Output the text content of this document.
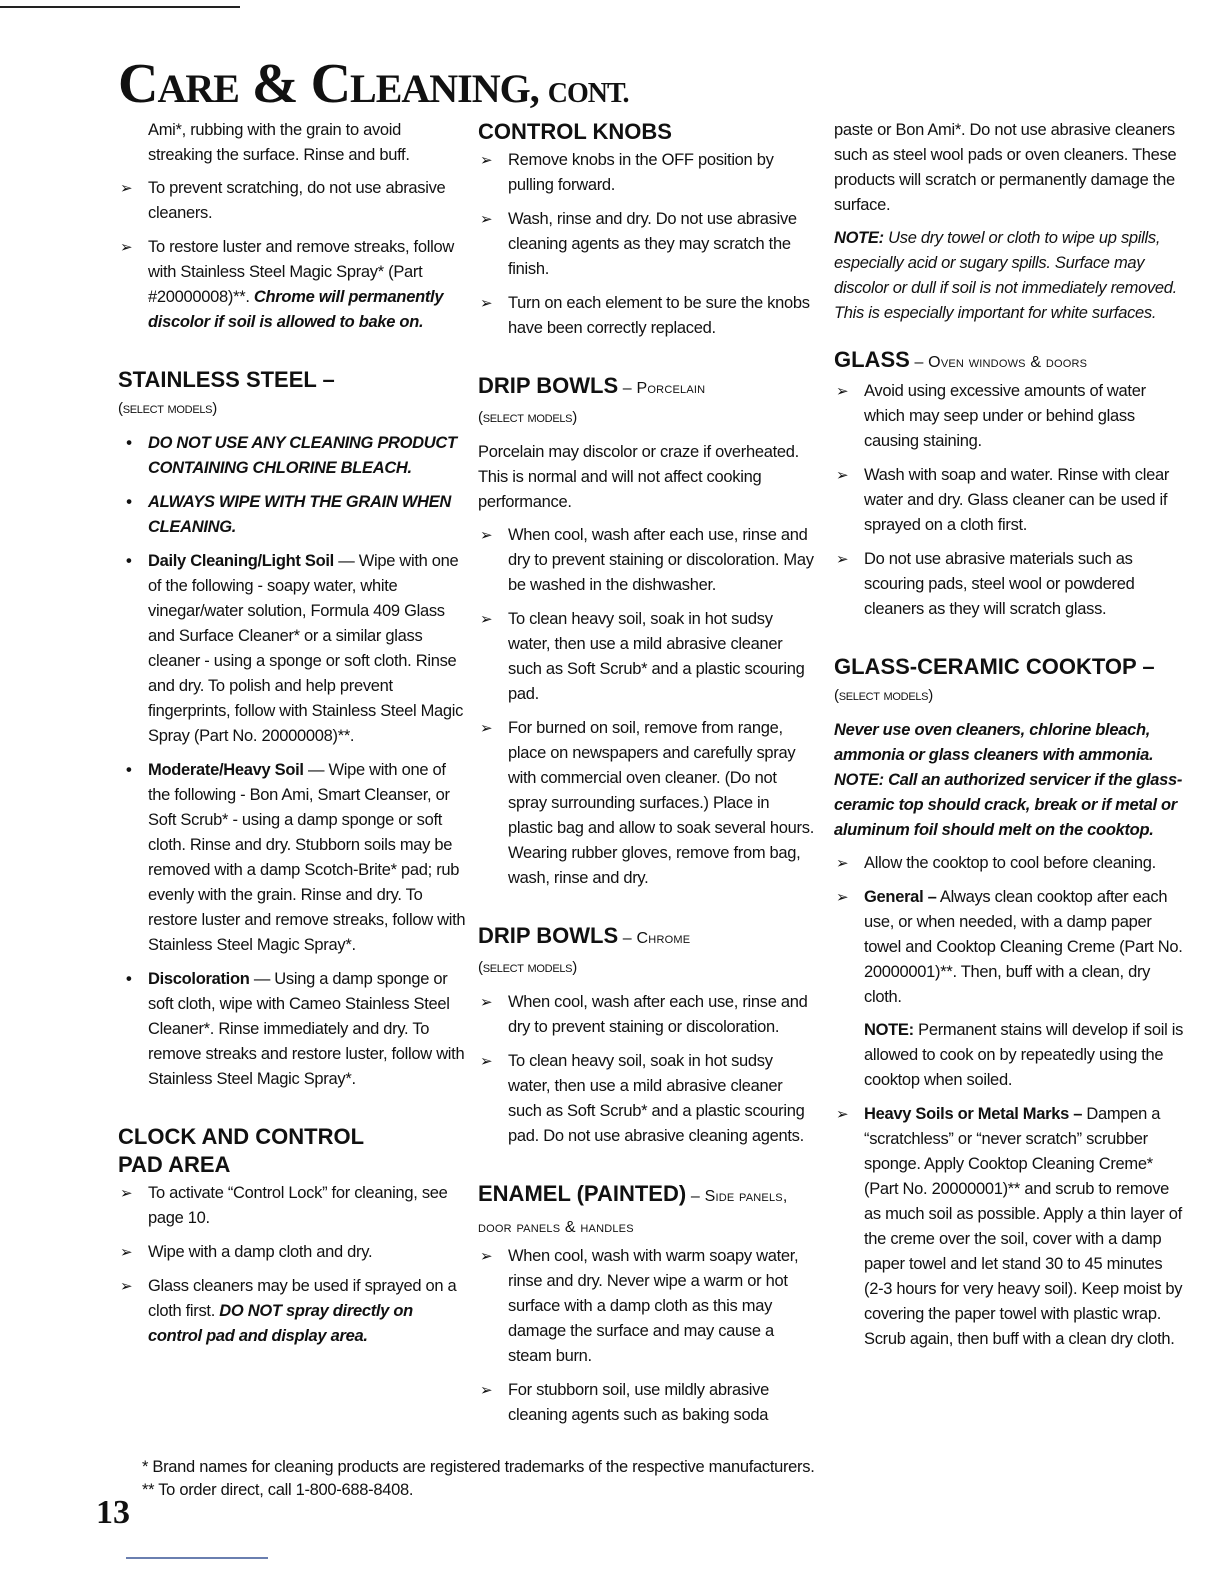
CARE & CLEANING, CONT.

Ami*, rubbing with the grain to avoid streaking the surface. Rinse and buff.

➢ To prevent scratching, do not use abrasive cleaners.
➢ To restore luster and remove streaks, follow with Stainless Steel Magic Spray* (Part #20000008)**. Chrome will permanently discolor if soil is allowed to bake on.
STAINLESS STEEL –

(select models)

• DO NOT USE ANY CLEANING PRODUCT CONTAINING CHLORINE BLEACH.
• ALWAYS WIPE WITH THE GRAIN WHEN CLEANING.
• Daily Cleaning/Light Soil — Wipe with one of the following - soapy water, white vinegar/water solution, Formula 409 Glass and Surface Cleaner* or a similar glass cleaner - using a sponge or soft cloth. Rinse and dry. To polish and help prevent fingerprints, follow with Stainless Steel Magic Spray (Part No. 20000008)**.
• Moderate/Heavy Soil — Wipe with one of the following - Bon Ami, Smart Cleanser, or Soft Scrub* - using a damp sponge or soft cloth. Rinse and dry. Stubborn soils may be removed with a damp Scotch-Brite* pad; rub evenly with the grain. Rinse and dry. To restore luster and remove streaks, follow with Stainless Steel Magic Spray*.
• Discoloration — Using a damp sponge or soft cloth, wipe with Cameo Stainless Steel Cleaner*. Rinse immediately and dry. To remove streaks and restore luster, follow with Stainless Steel Magic Spray*.
CLOCK AND CONTROL
PAD AREA
➢ To activate “Control Lock” for cleaning, see page 10.
➢ Wipe with a damp cloth and dry.
➢ Glass cleaners may be used if sprayed on a cloth first. DO NOT spray directly on control pad and display area.
CONTROL KNOBS
➢ Remove knobs in the OFF position by pulling forward.
➢ Wash, rinse and dry. Do not use abrasive cleaning agents as they may scratch the finish.
➢ Turn on each element to be sure the knobs have been correctly replaced.
DRIP BOWLS – Porcelain

(select models)

Porcelain may discolor or craze if overheated. This is normal and will not affect cooking performance.

➢ When cool, wash after each use, rinse and dry to prevent staining or discoloration. May be washed in the dishwasher.
➢ To clean heavy soil, soak in hot sudsy water, then use a mild abrasive cleaner such as Soft Scrub* and a plastic scouring pad.
➢ For burned on soil, remove from range, place on newspapers and carefully spray with commercial oven cleaner. (Do not spray surrounding surfaces.) Place in plastic bag and allow to soak several hours. Wearing rubber gloves, remove from bag, wash, rinse and dry.
DRIP BOWLS – Chrome

(select models)

➢ When cool, wash after each use, rinse and dry to prevent staining or discoloration.
➢ To clean heavy soil, soak in hot sudsy water, then use a mild abrasive cleaner such as Soft Scrub* and a plastic scouring pad. Do not use abrasive cleaning agents.
ENAMEL (PAINTED) – Side panels, door panels & handles
➢ When cool, wash with warm soapy water, rinse and dry. Never wipe a warm or hot surface with a damp cloth as this may damage the surface and may cause a steam burn.
➢ For stubborn soil, use mildly abrasive cleaning agents such as baking soda

paste or Bon Ami*. Do not use abrasive cleaners such as steel wool pads or oven cleaners. These products will scratch or permanently damage the surface.

NOTE: Use dry towel or cloth to wipe up spills, especially acid or sugary spills. Surface may discolor or dull if soil is not immediately removed. This is especially important for white surfaces.

GLASS – Oven windows & doors
➢ Avoid using excessive amounts of water which may seep under or behind glass causing staining.
➢ Wash with soap and water. Rinse with clear water and dry. Glass cleaner can be used if sprayed on a cloth first.
➢ Do not use abrasive materials such as scouring pads, steel wool or powdered cleaners as they will scratch glass.
GLASS-CERAMIC COOKTOP –

(select models)

Never use oven cleaners, chlorine bleach, ammonia or glass cleaners with ammonia.

NOTE: Call an authorized servicer if the glass-ceramic top should crack, break or if metal or aluminum foil should melt on the cooktop.

➢ Allow the cooktop to cool before cleaning.
➢ General – Always clean cooktop after each use, or when needed, with a damp paper towel and Cooktop Cleaning Creme (Part No. 20000001)**. Then, buff with a clean, dry cloth.
NOTE: Permanent stains will develop if soil is allowed to cook on by repeatedly using the cooktop when soiled.
➢ Heavy Soils or Metal Marks – Dampen a “scratchless” or “never scratch” scrubber sponge. Apply Cooktop Cleaning Creme* (Part No. 20000001)** and scrub to remove as much soil as possible. Apply a thin layer of the creme over the soil, cover with a damp paper towel and let stand 30 to 45 minutes (2-3 hours for very heavy soil). Keep moist by covering the paper towel with plastic wrap. Scrub again, then buff with a clean dry cloth.
* Brand names for cleaning products are registered trademarks of the respective manufacturers.
** To order direct, call 1-800-688-8408.
13
